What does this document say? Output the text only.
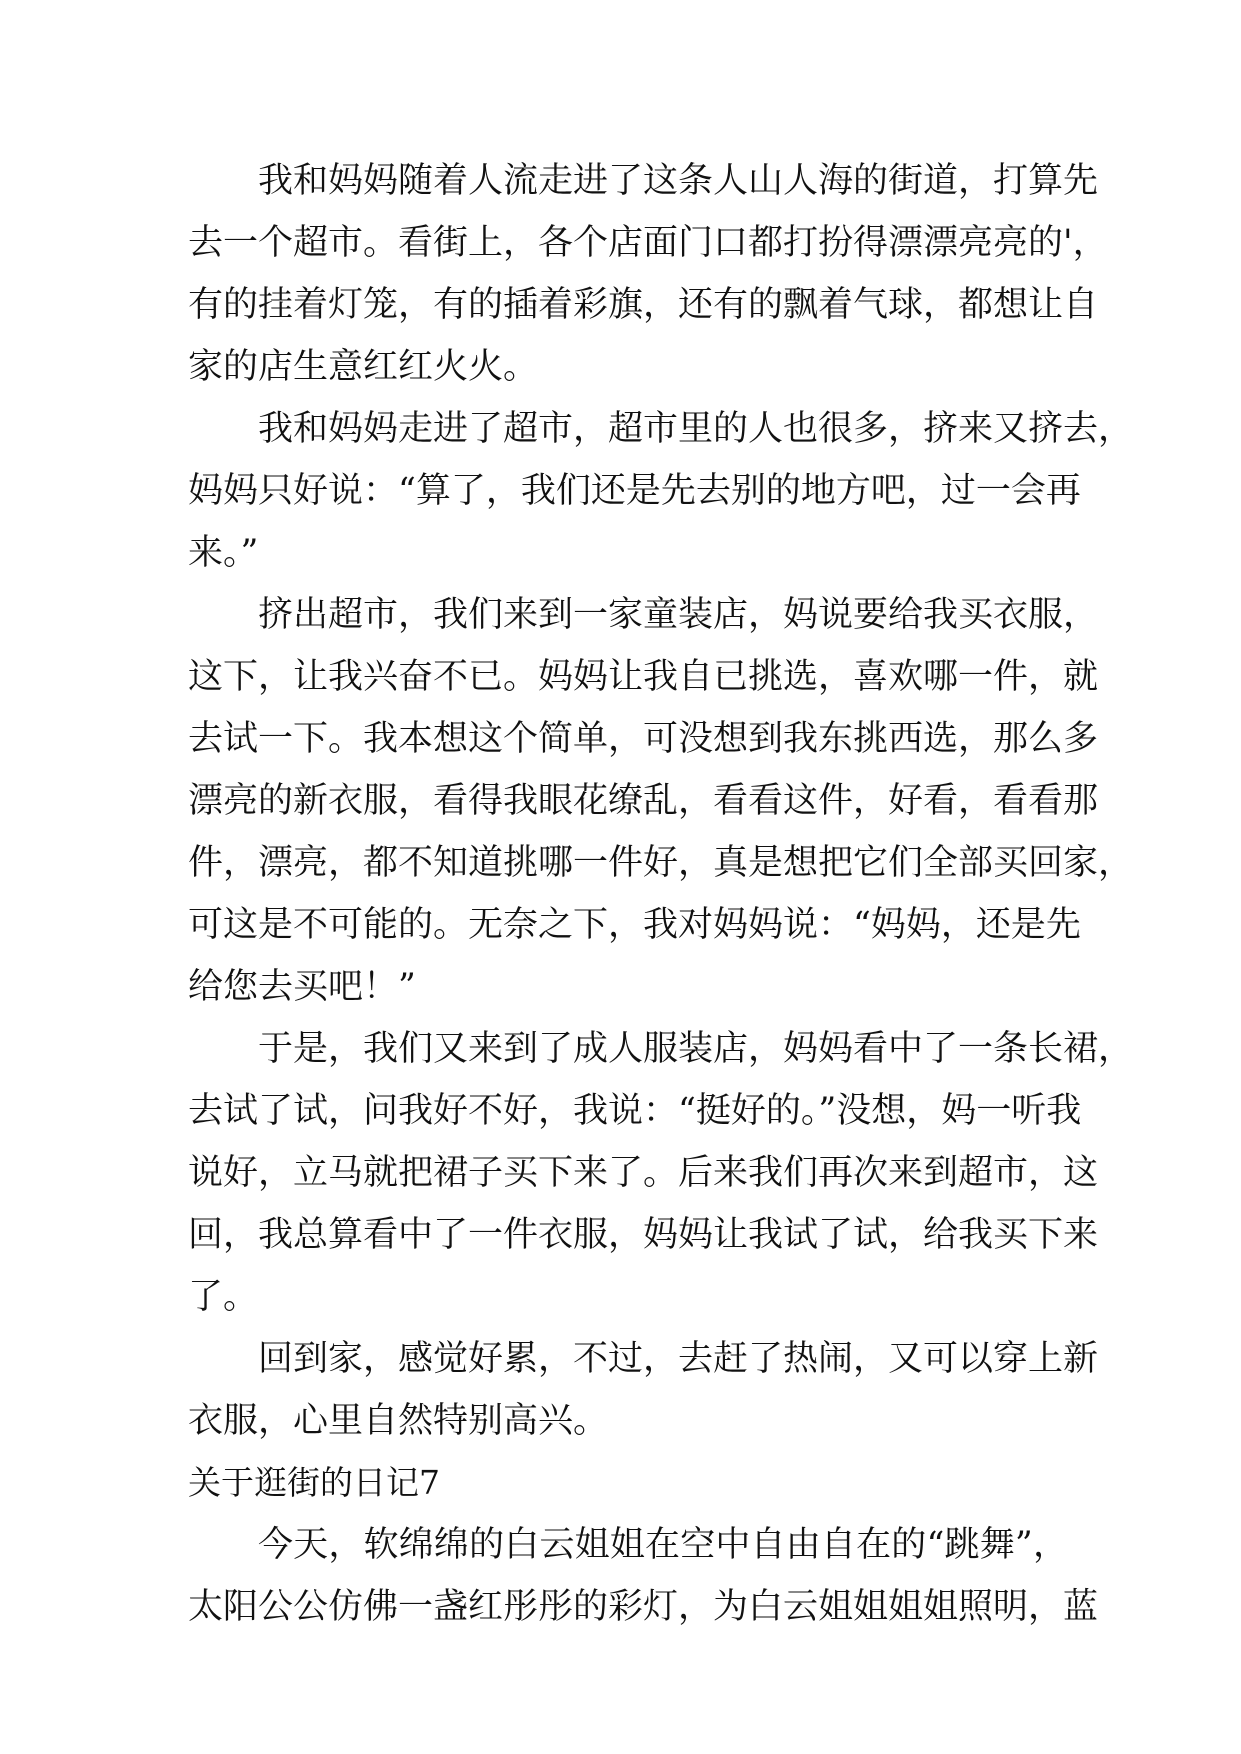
我和妈妈随着人流走进了这条人山人海的街道，打算先
去一个超市。看街上，各个店面门口都打扮得漂漂亮亮的'，
有的挂着灯笼，有的插着彩旗，还有的飘着气球，都想让自
家的店生意红红火火。
我和妈妈走进了超市，超市里的人也很多，挤来又挤去，
妈妈只好说：“算了，我们还是先去别的地方吧，过一会再
来。”
挤出超市，我们来到一家童装店，妈说要给我买衣服，
这下，让我兴奋不已。妈妈让我自已挑选，喜欢哪一件，就
去试一下。我本想这个简单，可没想到我东挑西选，那么多
漂亮的新衣服，看得我眼花缭乱，看看这件，好看，看看那
件，漂亮，都不知道挑哪一件好，真是想把它们全部买回家，
可这是不可能的。无奈之下，我对妈妈说：“妈妈，还是先
给您去买吧！”
于是，我们又来到了成人服装店，妈妈看中了一条长裙，
去试了试，问我好不好，我说：“挺好的。”没想，妈一听我
说好，立马就把裙子买下来了。后来我们再次来到超市，这
回，我总算看中了一件衣服，妈妈让我试了试，给我买下来
了。
回到家，感觉好累，不过，去赶了热闹，又可以穿上新
衣服，心里自然特别高兴。
关于逛街的日记7
今天，软绵绵的白云姐姐在空中自由自在的“跳舞”，
太阳公公仿佛一盏红彤彤的彩灯，为白云姐姐姐姐照明，蓝
